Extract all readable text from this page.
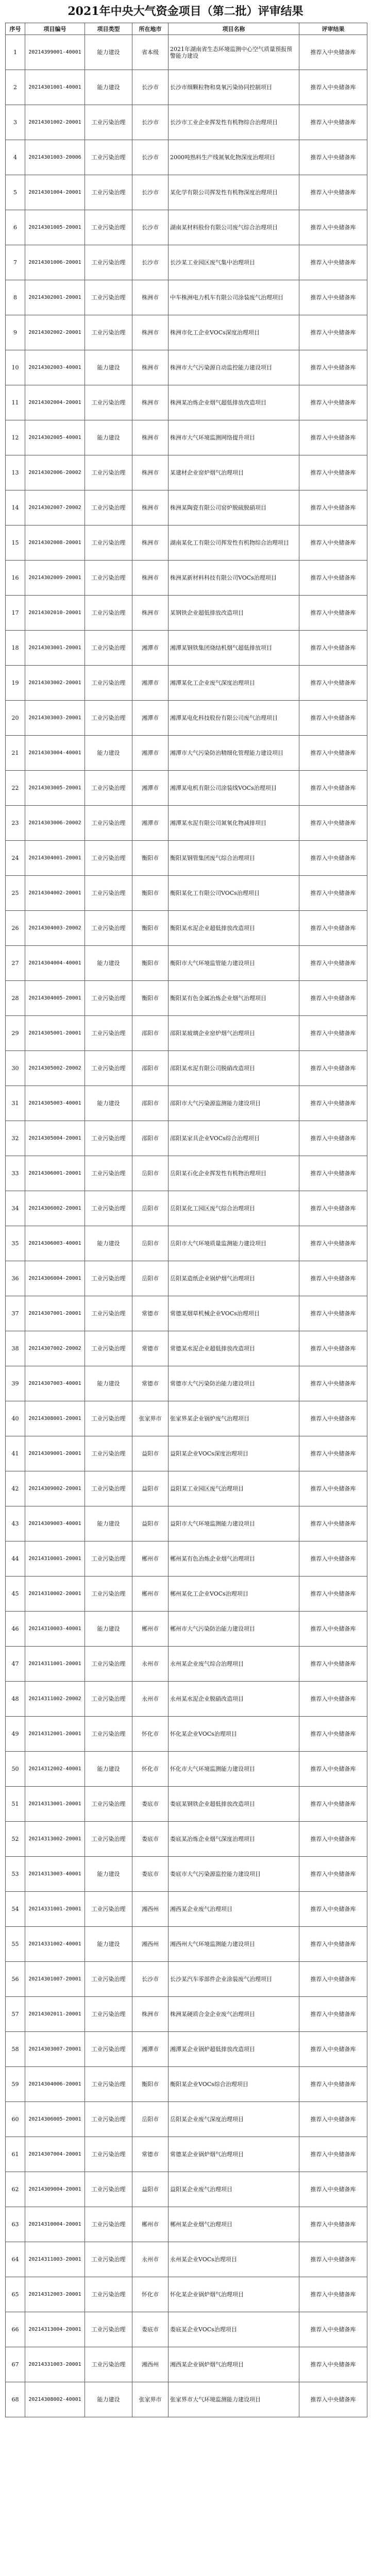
2021年中央大气资金项目（第二批）评审结果
序号	项目编号	项目类型	所在地市	项目名称	评审结果
1	20214399001-40001	能力建设	省本级	2021年湖南省生态环境监测中心空气质量预报预警能力建设	推荐入中央储备库
2	20214301001-40001	能力建设	长沙市	长沙市细颗粒物和臭氧污染协同控制项目	推荐入中央储备库
3	20214301002-20001	工业污染治理	长沙市	长沙市工业企业挥发性有机物综合治理项目	推荐入中央储备库
4	20214301003-20006	工业污染治理	长沙市	2000吨熟料生产线氮氧化物深度治理项目	推荐入中央储备库
5	20214301004-20001	工业污染治理	长沙市	某化学有限公司挥发性有机物深度治理项目	推荐入中央储备库
6	20214301005-20001	工业污染治理	长沙市	湖南某材料股份有限公司废气综合治理项目	推荐入中央储备库
7	20214301006-20001	工业污染治理	长沙市	长沙某工业园区废气集中治理项目	推荐入中央储备库
8	20214302001-20001	工业污染治理	株洲市	中车株洲电力机车有限公司涂装废气治理项目	推荐入中央储备库
9	20214302002-20001	工业污染治理	株洲市	株洲市化工企业VOCs深度治理项目	推荐入中央储备库
10	20214302003-40001	能力建设	株洲市	株洲市大气污染源自动监控能力建设项目	推荐入中央储备库
11	20214302004-20001	工业污染治理	株洲市	株洲某冶炼企业烟气超低排放改造项目	推荐入中央储备库
12	20214302005-40001	能力建设	株洲市	株洲市大气环境监测网络提升项目	推荐入中央储备库
13	20214302006-20002	工业污染治理	株洲市	某建材企业窑炉烟气治理项目	推荐入中央储备库
14	20214302007-20002	工业污染治理	株洲市	株洲某陶瓷有限公司窑炉脱硫脱硝项目	推荐入中央储备库
15	20214302008-20001	工业污染治理	株洲市	湖南某化工有限公司挥发性有机物综合治理项目	推荐入中央储备库
16	20214302009-20001	工业污染治理	株洲市	株洲某新材料科技有限公司VOCs治理项目	推荐入中央储备库
17	20214302010-20001	工业污染治理	株洲市	某钢铁企业超低排放改造项目	推荐入中央储备库
18	20214303001-20001	工业污染治理	湘潭市	湘潭某钢铁集团烧结机烟气超低排放项目	推荐入中央储备库
19	20214303002-20001	工业污染治理	湘潭市	湘潭某化工企业废气深度治理项目	推荐入中央储备库
20	20214303003-20001	工业污染治理	湘潭市	湘潭某电化科技股份有限公司废气治理项目	推荐入中央储备库
21	20214303004-40001	能力建设	湘潭市	湘潭市大气污染防治精细化管理能力建设项目	推荐入中央储备库
22	20214303005-20001	工业污染治理	湘潭市	湘潭某电机有限公司涂装线VOCs治理项目	推荐入中央储备库
23	20214303006-20002	工业污染治理	湘潭市	湘潭某水泥有限公司氮氧化物减排项目	推荐入中央储备库
24	20214304001-20001	工业污染治理	衡阳市	衡阳某钢管集团废气综合治理项目	推荐入中央储备库
25	20214304002-20001	工业污染治理	衡阳市	衡阳某化工有限公司VOCs治理项目	推荐入中央储备库
26	20214304003-20002	工业污染治理	衡阳市	衡阳某水泥企业超低排放改造项目	推荐入中央储备库
27	20214304004-40001	能力建设	衡阳市	衡阳市大气环境监管能力建设项目	推荐入中央储备库
28	20214304005-20001	工业污染治理	衡阳市	衡阳某有色金属冶炼企业烟气治理项目	推荐入中央储备库
29	20214305001-20001	工业污染治理	邵阳市	邵阳某玻璃企业窑炉烟气治理项目	推荐入中央储备库
30	20214305002-20002	工业污染治理	邵阳市	邵阳某水泥有限公司脱硝改造项目	推荐入中央储备库
31	20214305003-40001	能力建设	邵阳市	邵阳市大气污染源监测能力建设项目	推荐入中央储备库
32	20214305004-20001	工业污染治理	邵阳市	邵阳某家具企业VOCs综合治理项目	推荐入中央储备库
33	20214306001-20001	工业污染治理	岳阳市	岳阳某石化企业挥发性有机物治理项目	推荐入中央储备库
34	20214306002-20001	工业污染治理	岳阳市	岳阳某化工园区废气综合治理项目	推荐入中央储备库
35	20214306003-40001	能力建设	岳阳市	岳阳市大气环境质量监测能力建设项目	推荐入中央储备库
36	20214306004-20001	工业污染治理	岳阳市	岳阳某造纸企业锅炉烟气治理项目	推荐入中央储备库
37	20214307001-20001	工业污染治理	常德市	常德某烟草机械企业VOCs治理项目	推荐入中央储备库
38	20214307002-20002	工业污染治理	常德市	常德某水泥企业超低排放改造项目	推荐入中央储备库
39	20214307003-40001	能力建设	常德市	常德市大气污染防治能力建设项目	推荐入中央储备库
40	20214308001-20001	工业污染治理	张家界市	张家界某企业锅炉废气治理项目	推荐入中央储备库
41	20214309001-20001	工业污染治理	益阳市	益阳某企业VOCs深度治理项目	推荐入中央储备库
42	20214309002-20001	工业污染治理	益阳市	益阳某工业园区废气治理项目	推荐入中央储备库
43	20214309003-40001	能力建设	益阳市	益阳市大气环境监测能力建设项目	推荐入中央储备库
44	20214310001-20001	工业污染治理	郴州市	郴州某有色冶炼企业烟气治理项目	推荐入中央储备库
45	20214310002-20001	工业污染治理	郴州市	郴州某化工企业VOCs治理项目	推荐入中央储备库
46	20214310003-40001	能力建设	郴州市	郴州市大气污染防治能力建设项目	推荐入中央储备库
47	20214311001-20001	工业污染治理	永州市	永州某企业废气综合治理项目	推荐入中央储备库
48	20214311002-20002	工业污染治理	永州市	永州某水泥企业脱硝改造项目	推荐入中央储备库
49	20214312001-20001	工业污染治理	怀化市	怀化某企业VOCs治理项目	推荐入中央储备库
50	20214312002-40001	能力建设	怀化市	怀化市大气环境监测能力建设项目	推荐入中央储备库
51	20214313001-20001	工业污染治理	娄底市	娄底某钢铁企业超低排放改造项目	推荐入中央储备库
52	20214313002-20001	工业污染治理	娄底市	娄底某冶炼企业烟气深度治理项目	推荐入中央储备库
53	20214313003-40001	能力建设	娄底市	娄底市大气污染源监控能力建设项目	推荐入中央储备库
54	20214331001-20001	工业污染治理	湘西州	湘西某企业废气治理项目	推荐入中央储备库
55	20214331002-40001	能力建设	湘西州	湘西州大气环境监测能力建设项目	推荐入中央储备库
56	20214301007-20001	工业污染治理	长沙市	长沙某汽车零部件企业涂装废气治理项目	推荐入中央储备库
57	20214302011-20001	工业污染治理	株洲市	株洲某硬质合金企业废气治理项目	推荐入中央储备库
58	20214303007-20001	工业污染治理	湘潭市	湘潭某企业锅炉超低排放改造项目	推荐入中央储备库
59	20214304006-20001	工业污染治理	衡阳市	衡阳某企业VOCs综合治理项目	推荐入中央储备库
60	20214306005-20001	工业污染治理	岳阳市	岳阳某企业废气深度治理项目	推荐入中央储备库
61	20214307004-20001	工业污染治理	常德市	常德某企业锅炉烟气治理项目	推荐入中央储备库
62	20214309004-20001	工业污染治理	益阳市	益阳某企业废气治理项目	推荐入中央储备库
63	20214310004-20001	工业污染治理	郴州市	郴州某企业烟气治理项目	推荐入中央储备库
64	20214311003-20001	工业污染治理	永州市	永州某企业VOCs治理项目	推荐入中央储备库
65	20214312003-20001	工业污染治理	怀化市	怀化某企业锅炉烟气治理项目	推荐入中央储备库
66	20214313004-20001	工业污染治理	娄底市	娄底某企业VOCs治理项目	推荐入中央储备库
67	20214331003-20001	工业污染治理	湘西州	湘西某企业锅炉烟气治理项目	推荐入中央储备库
68	20214308002-40001	能力建设	张家界市	张家界市大气环境监测能力建设项目	推荐入中央储备库
